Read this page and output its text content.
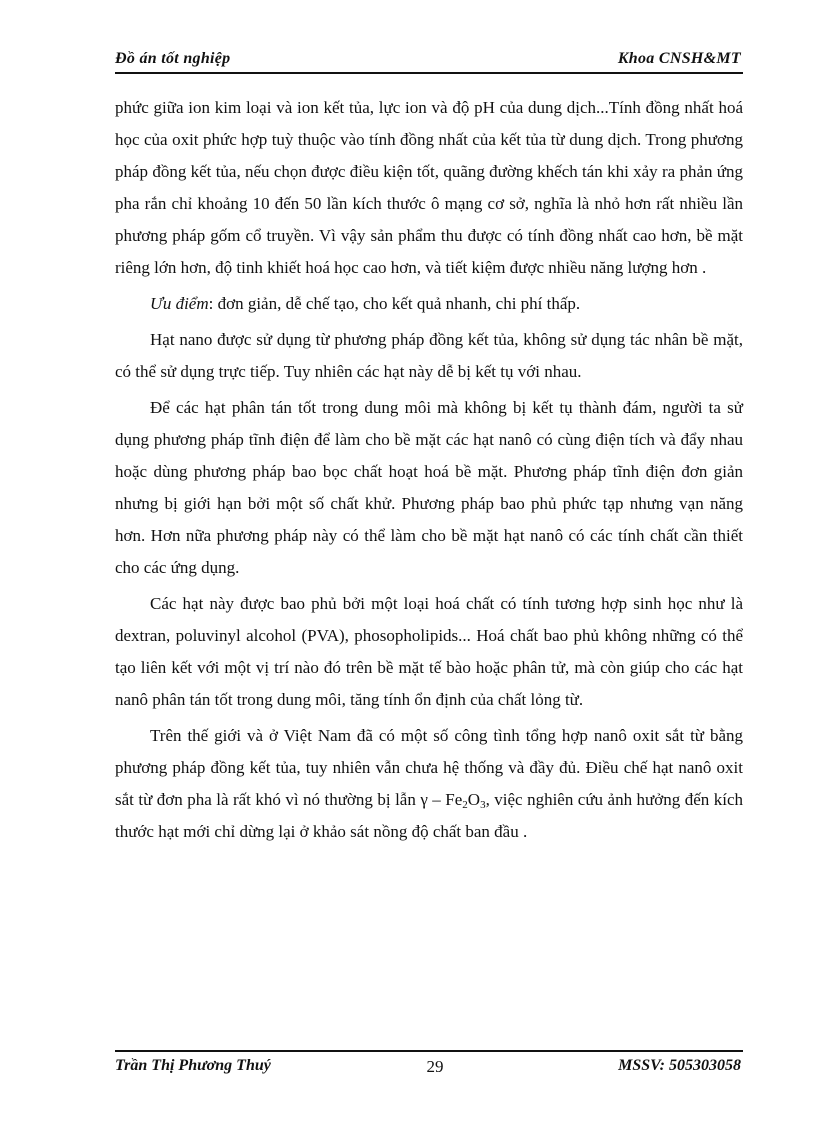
Đồ án tốt nghiệp	Khoa CNSH&MT

phức giữa ion kim loại và ion kết tủa, lực ion và độ pH của dung dịch...Tính đồng nhất hoá học của oxit phức hợp tuỳ thuộc vào tính đồng nhất của kết tủa từ dung dịch. Trong phương pháp đồng kết tủa, nếu chọn được điều kiện tốt, quãng đường khếch tán khi xảy ra phản ứng pha rắn chỉ khoảng 10 đến 50 lần kích thước ô mạng cơ sở, nghĩa là nhỏ hơn rất nhiều lần phương pháp gốm cổ truyền. Vì vậy sản phẩm thu được có tính đồng nhất cao hơn, bề mặt riêng lớn hơn, độ tinh khiết hoá học cao hơn, và tiết kiệm được nhiều năng lượng hơn .

Ưu điểm: đơn giản, dễ chế tạo, cho kết quả nhanh, chi phí thấp.

Hạt nano được sử dụng từ phương pháp đồng kết tủa, không sử dụng tác nhân bề mặt, có thể sử dụng trực tiếp. Tuy nhiên các hạt này dễ bị kết tụ với nhau.

Để các hạt phân tán tốt trong dung môi mà không bị kết tụ thành đám, người ta sử dụng phương pháp tĩnh điện để làm cho bề mặt các hạt nanô có cùng điện tích và đẩy nhau hoặc dùng phương pháp bao bọc chất hoạt hoá bề mặt. Phương pháp tĩnh điện đơn giản nhưng bị giới hạn bởi một số chất khử. Phương pháp bao phủ phức tạp nhưng vạn năng hơn. Hơn nữa phương pháp này có thể làm cho bề mặt hạt nanô có các tính chất cần thiết cho các ứng dụng.

Các hạt này được bao phủ bởi một loại hoá chất có tính tương hợp sinh học như là dextran, poluvinyl alcohol (PVA), phosopholipids... Hoá chất bao phủ không những có thể tạo liên kết với một vị trí nào đó trên bề mặt tế bào hoặc phân tử, mà còn giúp cho các hạt nanô phân tán tốt trong dung môi, tăng tính ổn định của chất lỏng từ.

Trên thế giới và ở Việt Nam đã có một số công tình tổng hợp nanô oxit sắt từ bằng phương pháp đồng kết tủa, tuy nhiên vẫn chưa hệ thống và đầy đủ. Điều chế hạt nanô oxit sắt từ đơn pha là rất khó vì nó thường bị lẫn γ – $Fe_2O_3$, việc nghiên cứu ảnh hưởng đến kích thước hạt mới chỉ dừng lại ở khảo sát nồng độ chất ban đầu .

Trần Thị Phương Thuý	29	MSSV: 505303058
